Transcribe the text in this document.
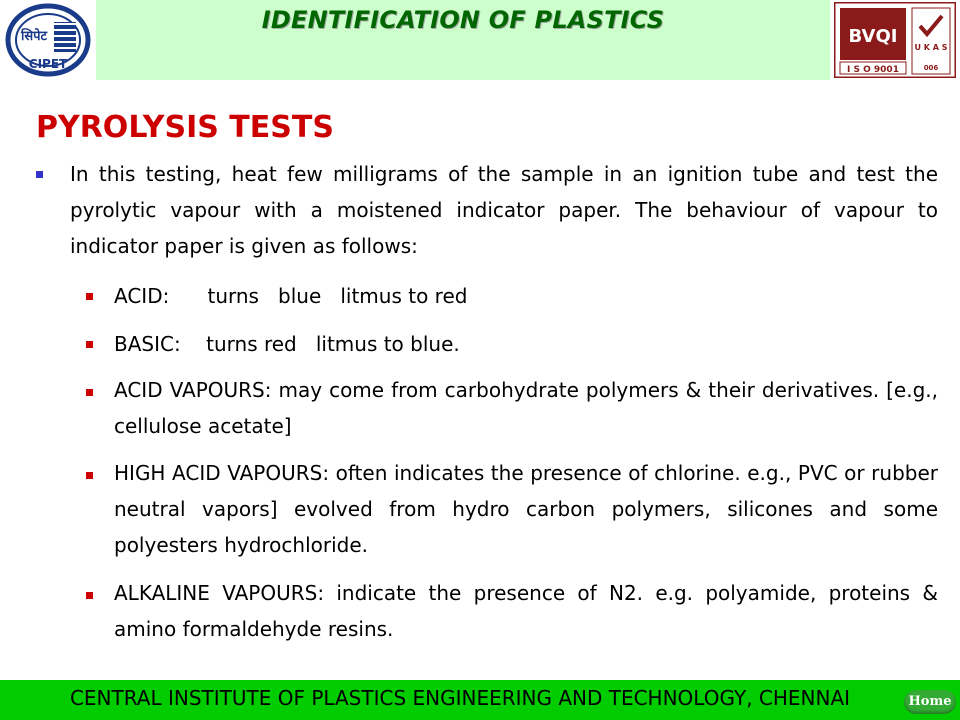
सिपेट
CIPET
IDENTIFICATION OF PLASTICS
BVQI
I S O 9001
U K A S
006
PYROLYSIS TESTS
In this testing, heat few milligrams of the sample in an ignition tube and test the pyrolytic vapour with a moistened indicator paper. The behaviour of vapour to indicator paper is given as follows:
ACID:      turns   blue   litmus to red
BASIC:    turns red   litmus to blue.
ACID VAPOURS: may come from carbohydrate polymers & their derivatives. [e.g., cellulose acetate]
HIGH ACID VAPOURS: often indicates the presence of chlorine. e.g., PVC or rubber neutral vapors] evolved from hydro carbon polymers, silicones and some polyesters hydrochloride.
ALKALINE VAPOURS: indicate the presence of N2. e.g. polyamide, proteins & amino formaldehyde resins.
CENTRAL INSTITUTE OF PLASTICS ENGINEERING AND TECHNOLOGY, CHENNAI	Home
